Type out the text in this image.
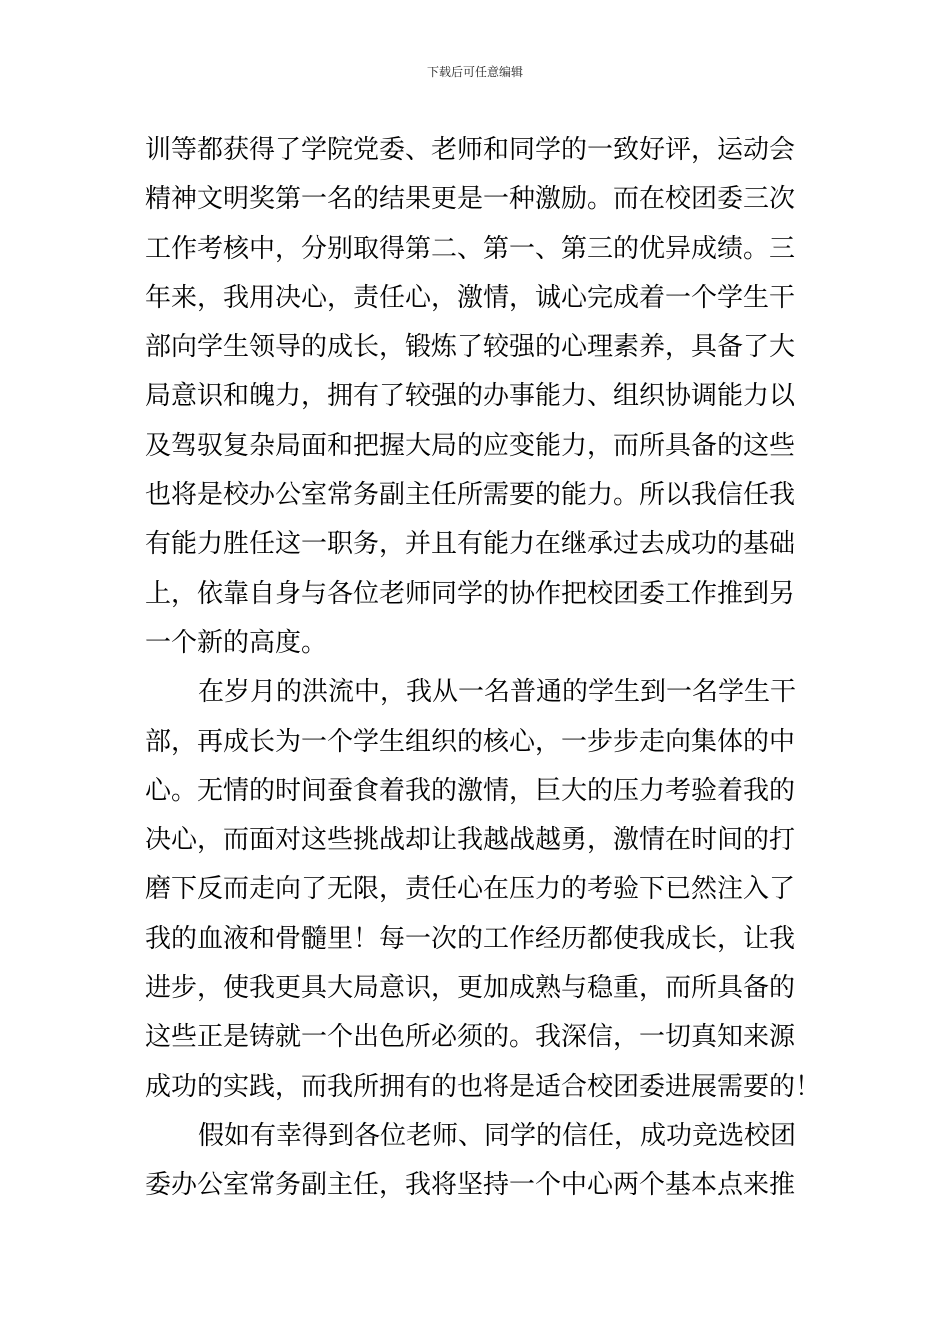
下载后可任意编辑
训等都获得了学院党委、老师和同学的一致好评，运动会
精神文明奖第一名的结果更是一种激励。而在校团委三次
工作考核中，分别取得第二、第一、第三的优异成绩。三
年来，我用决心，责任心，激情，诚心完成着一个学生干
部向学生领导的成长，锻炼了较强的心理素养，具备了大
局意识和魄力，拥有了较强的办事能力、组织协调能力以
及驾驭复杂局面和把握大局的应变能力，而所具备的这些
也将是校办公室常务副主任所需要的能力。所以我信任我
有能力胜任这一职务，并且有能力在继承过去成功的基础
上，依靠自身与各位老师同学的协作把校团委工作推到另
一个新的高度。
在岁月的洪流中，我从一名普通的学生到一名学生干
部，再成长为一个学生组织的核心，一步步走向集体的中
心。无情的时间蚕食着我的激情，巨大的压力考验着我的
决心，而面对这些挑战却让我越战越勇，激情在时间的打
磨下反而走向了无限，责任心在压力的考验下已然注入了
我的血液和骨髓里！每一次的工作经历都使我成长，让我
进步，使我更具大局意识，更加成熟与稳重，而所具备的
这些正是铸就一个出色所必须的。我深信，一切真知来源
成功的实践，而我所拥有的也将是适合校团委进展需要的！
假如有幸得到各位老师、同学的信任，成功竞选校团
委办公室常务副主任，我将坚持一个中心两个基本点来推
